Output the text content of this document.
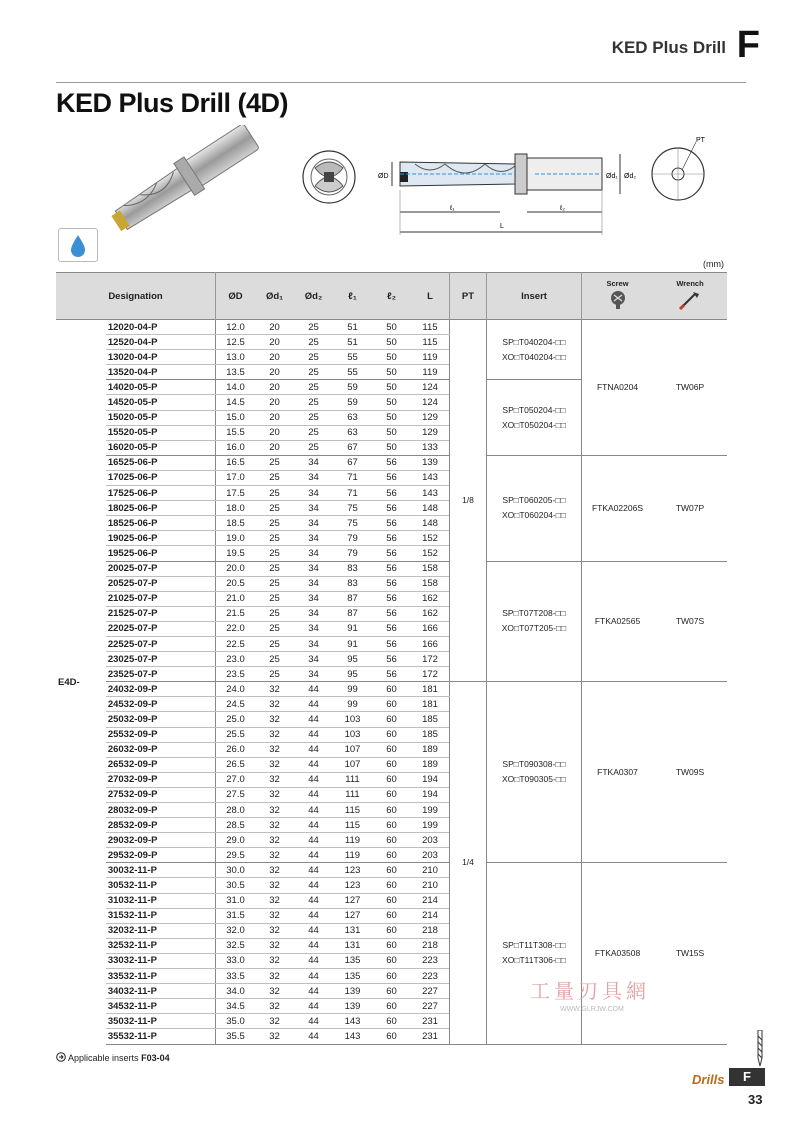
KED Plus Drill F
KED Plus Drill (4D)
ØD	Ød₁ Ød₂
ℓ₁	ℓ₂
L
PT
(mm)
Designation		ØD	Ød₁	Ød₂	ℓ₁	ℓ₂	L	PT	Insert	Screw	Wrench

E4D-	12020-04-P	12.0	20	25	51	50	115	1/8	SP□T040204-□□
XO□T040204-□□	FTNA0204	TW06P
	12520-04-P	12.5	20	25	51	50	115				
	13020-04-P	13.0	20	25	55	50	119				
	13520-04-P	13.5	20	25	55	50	119				
	14020-05-P	14.0	20	25	59	50	124		SP□T050204-□□
XO□T050204-□□		

	14520-05-P	14.5	20	25	59	50	124				
	15020-05-P	15.0	20	25	63	50	129				
	15520-05-P	15.5	20	25	63	50	129				
	16020-05-P	16.0	20	25	67	50	133				
	16525-06-P	16.5	25	34	67	56	139		SP□T060205-□□
XO□T060204-□□	FTKA02206S	TW07P
	17025-06-P	17.0	25	34	71	56	143				
	17525-06-P	17.5	25	34	71	56	143				
	18025-06-P	18.0	25	34	75	56	148				
	18525-06-P	18.5	25	34	75	56	148				
	19025-06-P	19.0	25	34	79	56	152				
	19525-06-P	19.5	25	34	79	56	152				
	20025-07-P	20.0	25	34	83	56	158		SP□T07T208-□□
XO□T07T205-□□	FTKA02565	TW07S
	20525-07-P	20.5	25	34	83	56	158				
	21025-07-P	21.0	25	34	87	56	162				
	21525-07-P	21.5	25	34	87	56	162				
	22025-07-P	22.0	25	34	91	56	166				
	22525-07-P	22.5	25	34	91	56	166				
	23025-07-P	23.0	25	34	95	56	172				
	23525-07-P	23.5	25	34	95	56	172				
	24032-09-P	24.0	32	44	99	60	181	1/4	SP□T090308-□□
XO□T090305-□□	FTKA0307	TW09S
	24532-09-P	24.5	32	44	99	60	181				
	25032-09-P	25.0	32	44	103	60	185				
	25532-09-P	25.5	32	44	103	60	185				
	26032-09-P	26.0	32	44	107	60	189				
	26532-09-P	26.5	32	44	107	60	189				
	27032-09-P	27.0	32	44	111	60	194				
	27532-09-P	27.5	32	44	111	60	194				
	28032-09-P	28.0	32	44	115	60	199				
	28532-09-P	28.5	32	44	115	60	199				
	29032-09-P	29.0	32	44	119	60	203				
	29532-09-P	29.5	32	44	119	60	203				
	30032-11-P	30.0	32	44	123	60	210		SP□T11T308-□□
XO□T11T306-□□	FTKA03508	TW15S
	30532-11-P	30.5	32	44	123	60	210				
	31032-11-P	31.0	32	44	127	60	214				
	31532-11-P	31.5	32	44	127	60	214				
	32032-11-P	32.0	32	44	131	60	218				
	32532-11-P	32.5	32	44	131	60	218				
	33032-11-P	33.0	32	44	135	60	223				
	33532-11-P	33.5	32	44	135	60	223				
	34032-11-P	34.0	32	44	139	60	227				
	34532-11-P	34.5	32	44	139	60	227				
	35032-11-P	35.0	32	44	143	60	231				
	35532-11-P	35.5	32	44	143	60	231				
Applicable inserts F03-04
工量刃具網
WWW.GLRJW.COM
Drills	F
33
